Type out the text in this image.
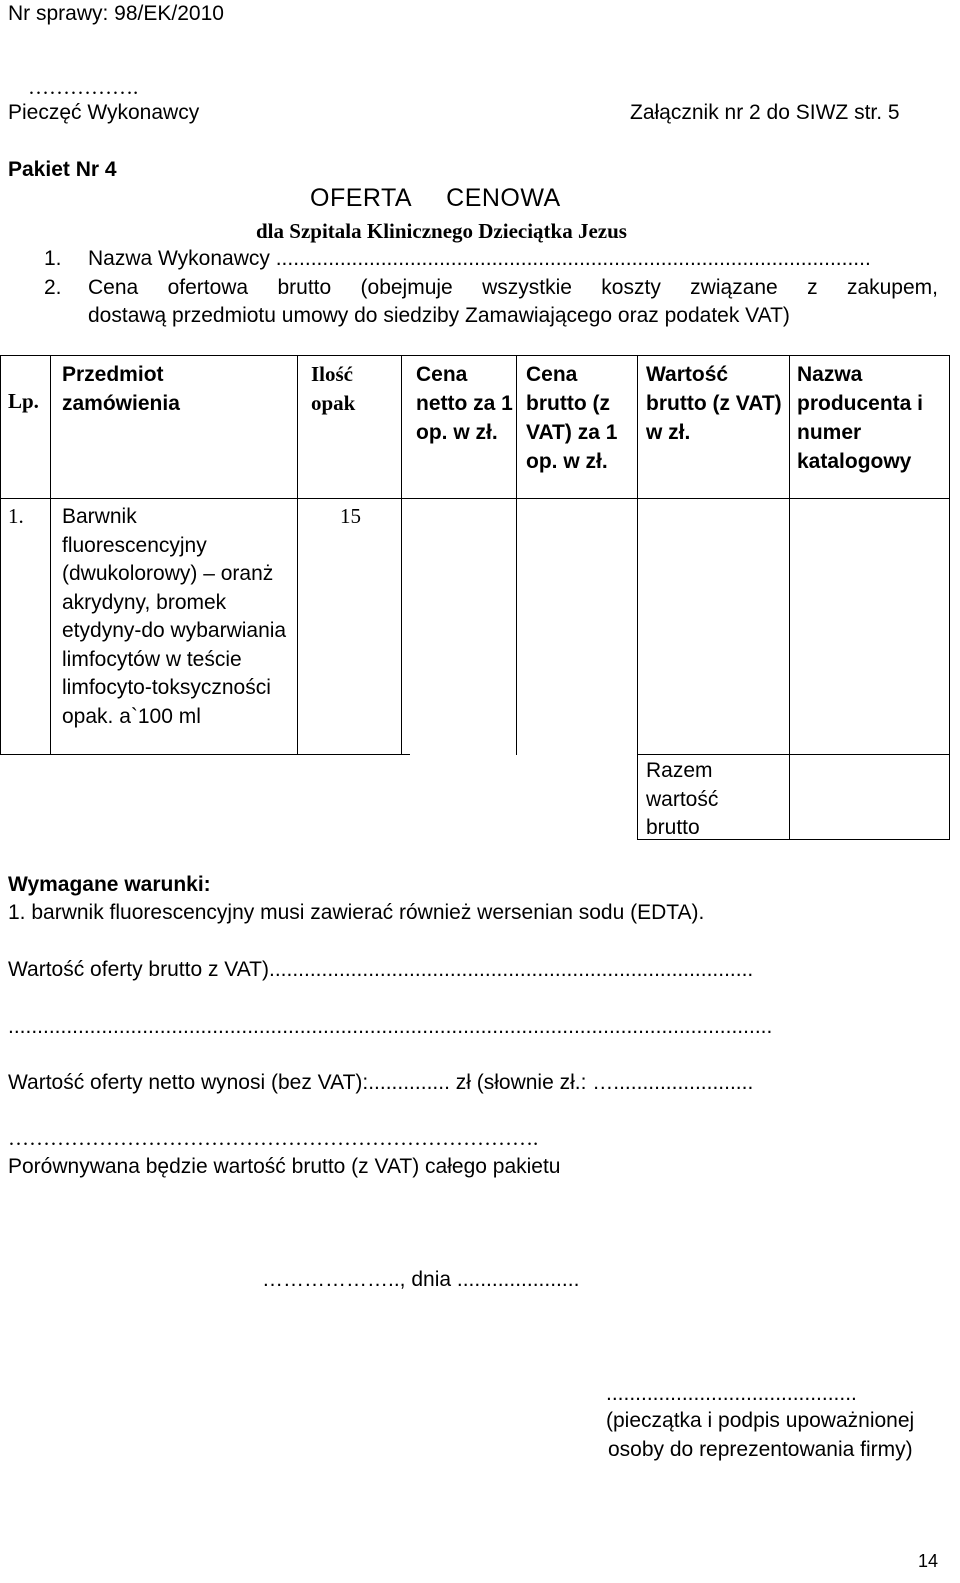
Nr sprawy: 98/EK/2010
…………….
Pieczęć Wykonawcy	Załącznik nr 2 do SIWZ str. 5
Pakiet Nr 4
OFERTA CENOWA
dla Szpitala Klinicznego Dzieciątka Jezus
1. Nazwa Wykonawcy ......................................................................................................
2. Cena ofertowa brutto (obejmuje wszystkie koszty związane z zakupem,
dostawą przedmiotu umowy do siedziby Zamawiającego oraz podatek VAT)
Lp.
Przedmiot zamówienia
Ilość opak
Cena netto za 1 op. w zł.
Cena brutto (z VAT) za 1 op. w zł.
Wartość brutto (z VAT) w zł.
Nazwa producenta i numer katalogowy
1. Barwnik fluorescencyjny (dwukolorowy) – oranż akrydyny, bromek etydyny-do wybarwiania limfocytów w teście limfocyto-toksyczności opak. a`100 ml
15
Razem wartość brutto
Wymagane warunki:
1. barwnik fluorescencyjny musi zawierać również wersenian sodu (EDTA).
Wartość oferty brutto z VAT)...................................................................................
...................................................................................................................................
Wartość oferty netto wynosi (bez VAT):.............. zł (słownie zł.: …........................
………………………………………………………………….
Porównywana będzie wartość brutto (z VAT) całego pakietu
……………….., dnia .....................
...........................................
(pieczątka i podpis upoważnionej
osoby do reprezentowania firmy)
14
